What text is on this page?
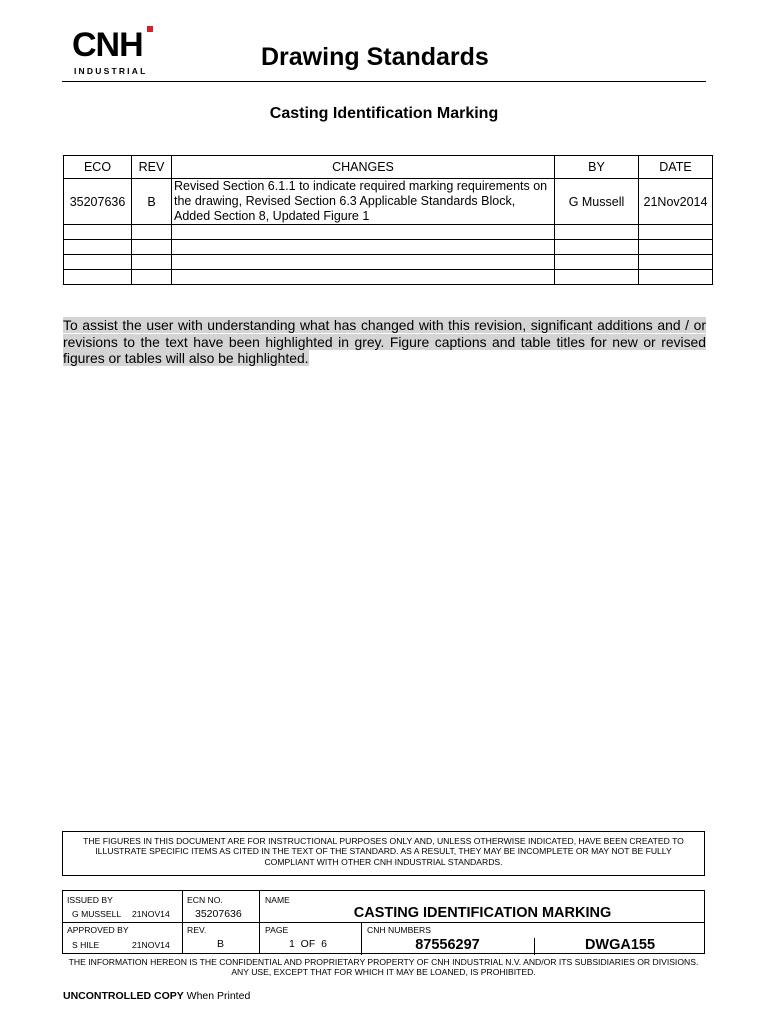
CNH
INDUSTRIAL	Drawing Standards
Casting Identification Marking
ECO	REV	CHANGES	BY	DATE
35207636	B	Revised Section 6.1.1 to indicate required marking requirements on the drawing, Revised Section 6.3 Applicable Standards Block, Added Section 8, Updated Figure 1	G Mussell	21Nov2014

To assist the user with understanding what has changed with this revision, significant additions and / or revisions to the text have been highlighted in grey. Figure captions and table titles for new or revised figures or tables will also be highlighted.
THE FIGURES IN THIS DOCUMENT ARE FOR INSTRUCTIONAL PURPOSES ONLY AND, UNLESS OTHERWISE INDICATED, HAVE BEEN CREATED TO ILLUSTRATE SPECIFIC ITEMS AS CITED IN THE TEXT OF THE STANDARD. AS A RESULT, THEY MAY BE INCOMPLETE OR MAY NOT BE FULLY COMPLIANT WITH OTHER CNH INDUSTRIAL STANDARDS.
ISSUED BY
G MUSSELL 21NOV14
ECN NO.
35207636
NAME
CASTING IDENTIFICATION MARKING
APPROVED BY
S HILE	21NOV14
REV.
B
PAGE
1  OF  6
CNH NUMBERS
87556297	DWGA155
THE INFORMATION HEREON IS THE CONFIDENTIAL AND PROPRIETARY PROPERTY OF CNH INDUSTRIAL N.V. AND/OR ITS SUBSIDIARIES OR DIVISIONS. ANY USE, EXCEPT THAT FOR WHICH IT MAY BE LOANED, IS PROHIBITED.
UNCONTROLLED COPY When Printed
